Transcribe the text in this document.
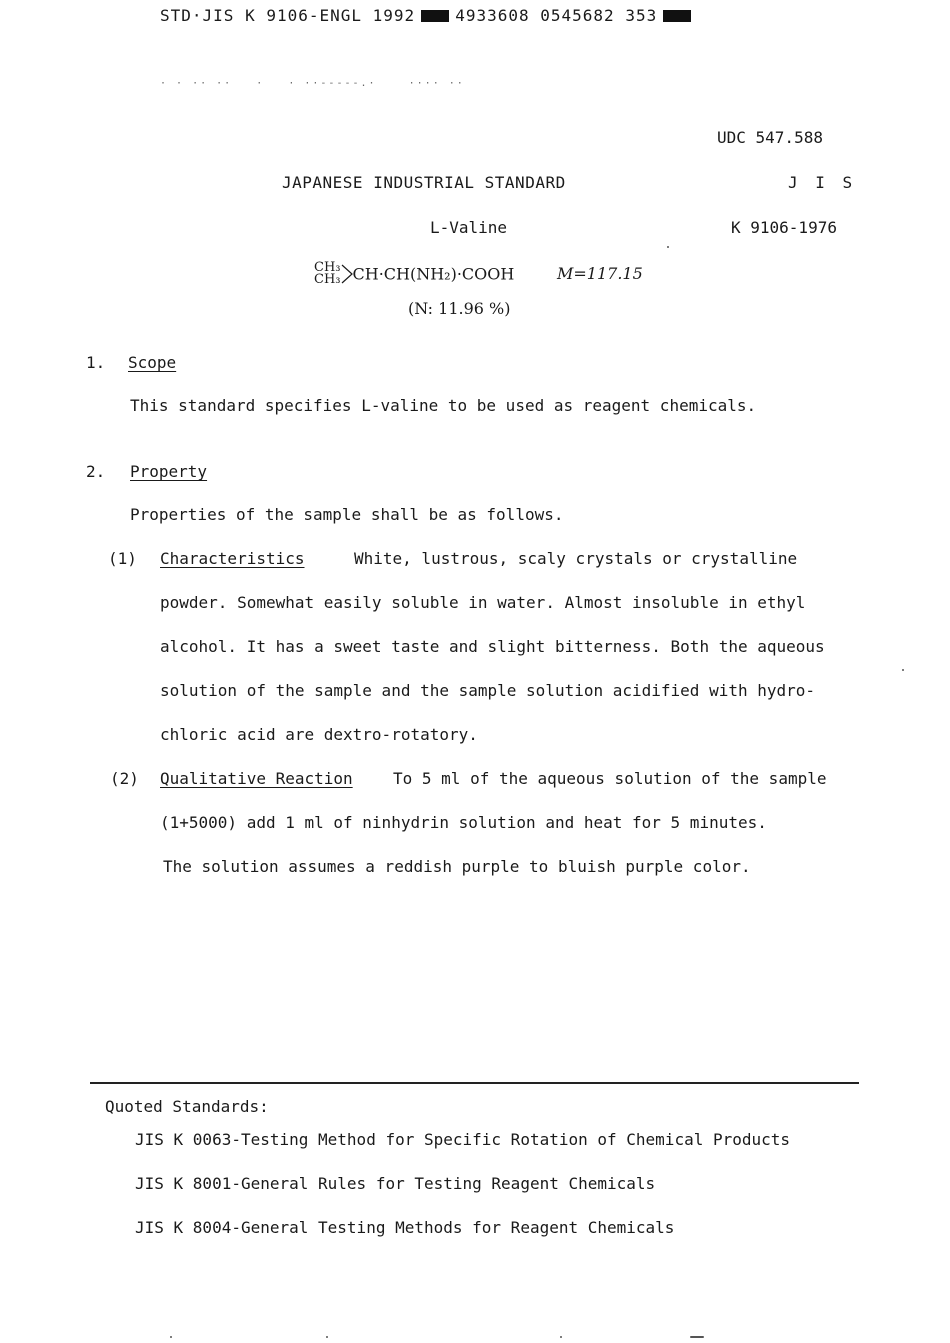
STD·JIS K 9106-ENGL 1992	4933608 0545682 353
· · ·· ··   ·   · ··-----.·    ···· ··
UDC 547.588
JAPANESE INDUSTRIAL STANDARD	J I S
L-Valine	K 9106-1976
CH₃
CH₃ CH·CH(NH₂)·COOH	M=117.15
(N: 11.96 %)
1. Scope
This standard specifies L-valine to be used as reagent chemicals.
2. Property
Properties of the sample shall be as follows.
(1) Characteristics	White, lustrous, scaly crystals or crystalline
powder. Somewhat easily soluble in water. Almost insoluble in ethyl
alcohol. It has a sweet taste and slight bitterness. Both the aqueous
solution of the sample and the sample solution acidified with hydro-
chloric acid are dextro-rotatory.
(2) Qualitative Reaction	To 5 ml of the aqueous solution of the sample
(1+5000) add 1 ml of ninhydrin solution and heat for 5 minutes.
The solution assumes a reddish purple to bluish purple color.
Quoted Standards:
JIS K 0063-Testing Method for Specific Rotation of Chemical Products
JIS K 8001-General Rules for Testing Reagent Chemicals
JIS K 8004-General Testing Methods for Reagent Chemicals
